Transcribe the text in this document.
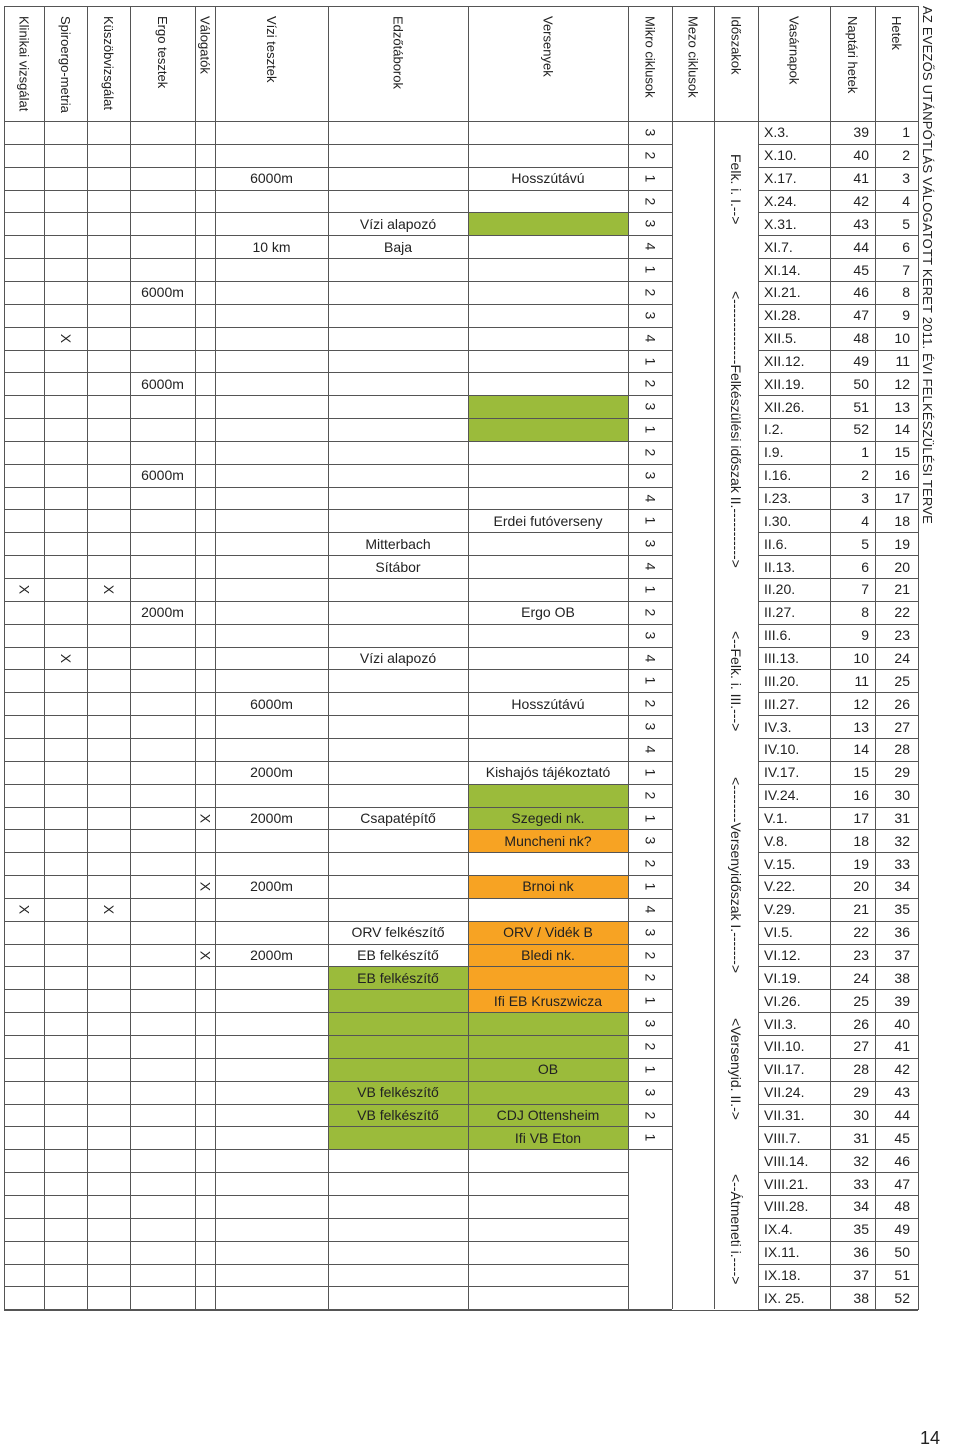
Hetek
Naptári hetek
Vasárnapok
Időszakok
Mezo ciklusok
Mikro ciklusok
Versenyek
Edzőtáborok
Vízi tesztek
Válogatók
Ergo tesztek
Küszöbvizsgálat
Spiroergo-metria
Klinikai vizsgálat
1
39
X.3.
3
2
40
X.10.
2
3
41
X.17.
1
Hosszútávú
6000m
4
42
X.24.
2
5
43
X.31.
3
Vízi alapozó
6
44
XI.7.
4
Baja
10 km
7
45
XI.14.
1
8
46
XI.21.
2
6000m
9
47
XI.28.
3
10
48
XII.5.
4
X
11
49
XII.12.
1
12
50
XII.19.
2
6000m
13
51
XII.26.
3
14
52
I.2.
1
15
1
I.9.
2
16
2
I.16.
3
6000m
17
3
I.23.
4
18
4
I.30.
1
Erdei futóverseny
19
5
II.6.
3
Mitterbach
20
6
II.13.
4
Sítábor
21
7
II.20.
1
X
X
22
8
II.27.
2
Ergo OB
2000m
23
9
III.6.
3
24
10
III.13.
4
Vízi alapozó
X
25
11
III.20.
1
26
12
III.27.
2
Hosszútávú
6000m
27
13
IV.3.
3
28
14
IV.10.
4
29
15
IV.17.
1
Kishajós tájékoztató
2000m
30
16
IV.24.
2
31
17
V.1.
1
Szegedi nk.
Csapatépítő
2000m
X
32
18
V.8.
3
Muncheni nk?
33
19
V.15.
2
34
20
V.22.
1
Brnoi nk
2000m
X
35
21
V.29.
4
X
X
36
22
VI.5.
3
ORV / Vidék B
ORV felkészítő
37
23
VI.12.
2
Bledi nk.
EB felkészítő
2000m
X
38
24
VI.19.
2
EB felkészítő
39
25
VI.26.
1
Ifi EB Kruszwicza
40
26
VII.3.
3
41
27
VII.10.
2
42
28
VII.17.
1
OB
43
29
VII.24.
3
VB felkészítő
44
30
VII.31.
2
CDJ Ottensheim
VB felkészítő
45
31
VIII.7.
1
Ifi VB Eton
46
32
VIII.14.
47
33
VIII.21.
48
34
VIII.28.
49
35
IX.4.
50
36
IX.11.
51
37
IX.18.
52
38
IX. 25.
Felk. i. I.-->
<--------------Felkészülési időszak II.----------->
<--Felk. i. III.--->
<--------Versenyidőszak I.------->
<Versenyid. II.->
<--Átmeneti i.---->
AZ EVEZŐS UTÁNPÓTLÁS VÁLOGATOTT KERET 2011. ÉVI FELKÉSZÜLÉSI TERVE
14
